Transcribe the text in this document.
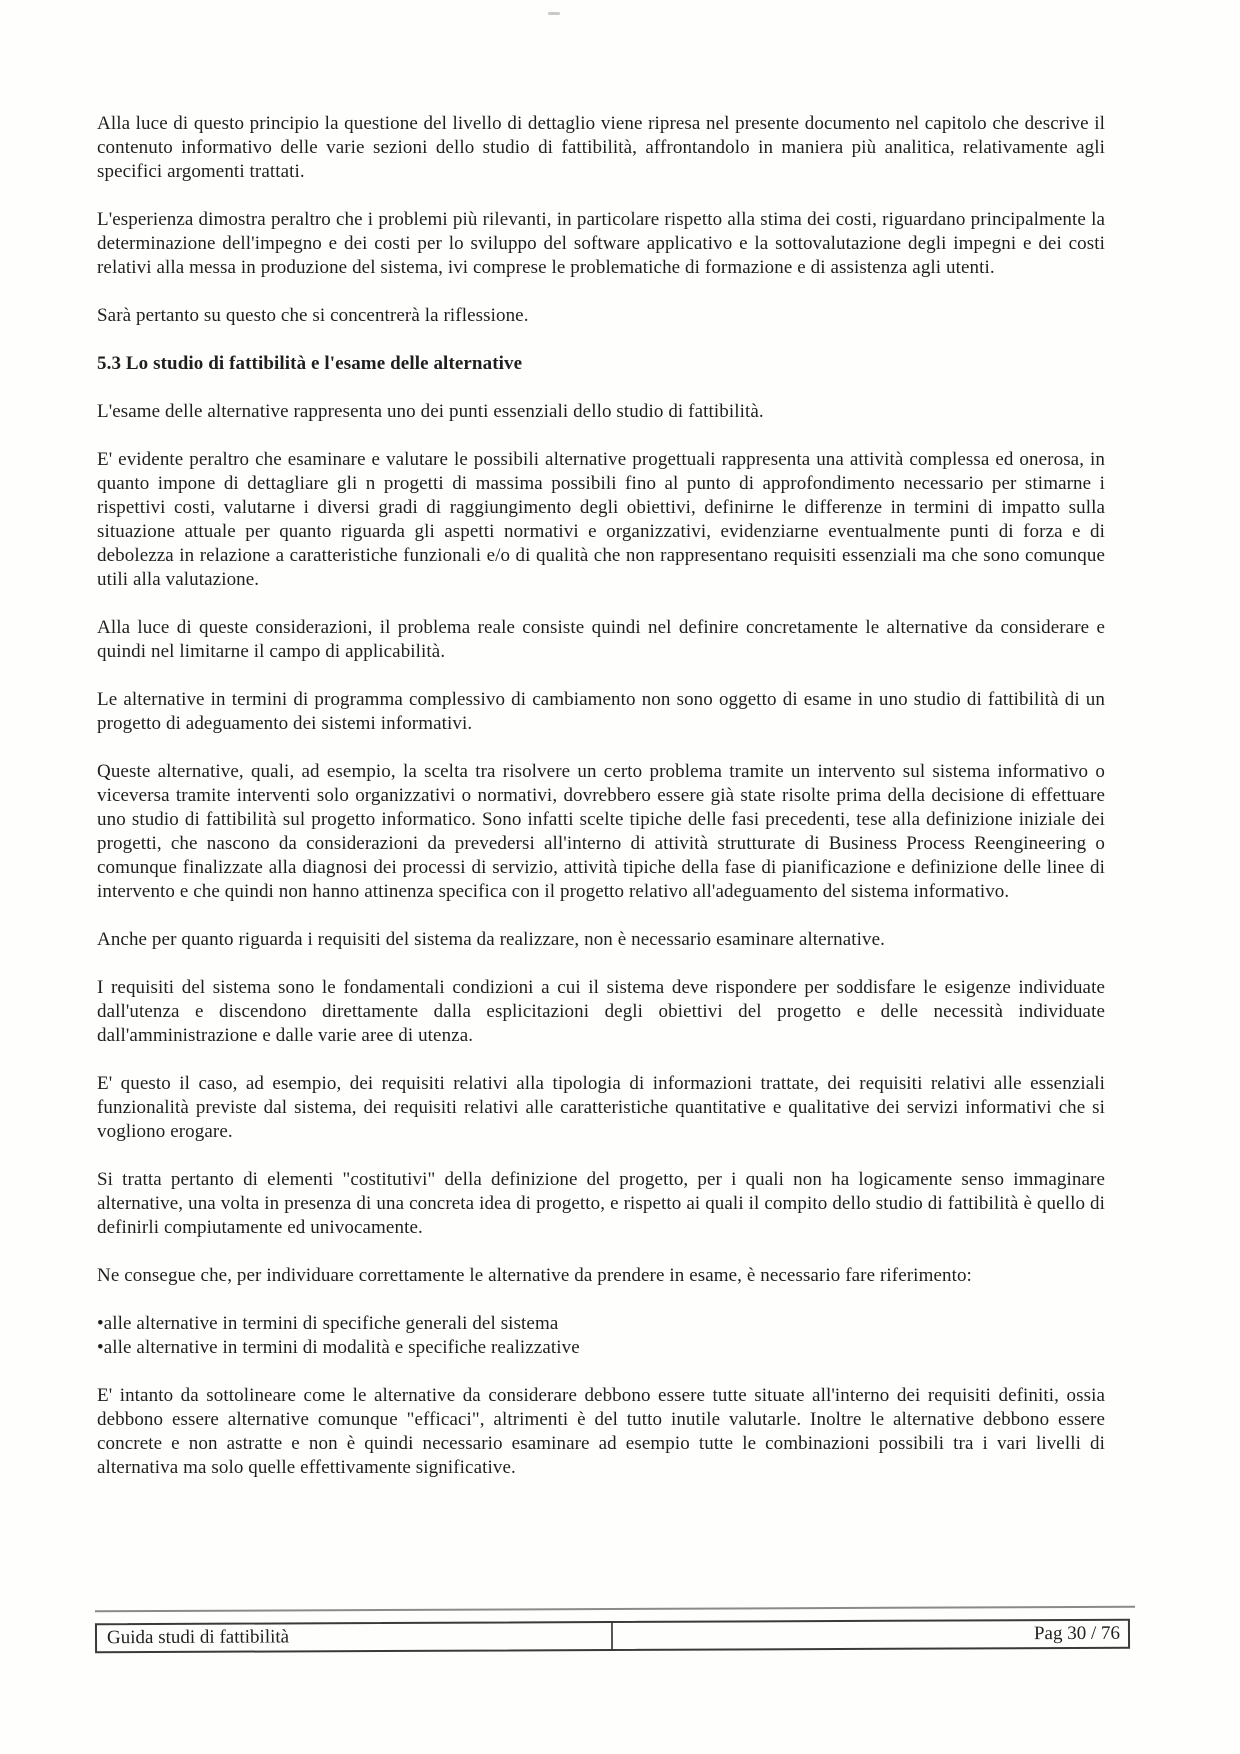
Alla luce di questo principio la questione del livello di dettaglio viene ripresa nel presente documento nel capitolo che descrive il contenuto informativo delle varie sezioni dello studio di fattibilità, affrontandolo in maniera più analitica, relativamente agli specifici argomenti trattati.

L'esperienza dimostra peraltro che i problemi più rilevanti, in particolare rispetto alla stima dei costi, riguardano principalmente la determinazione dell'impegno e dei costi per lo sviluppo del software applicativo e la sottovalutazione degli impegni e dei costi relativi alla messa in produzione del sistema, ivi comprese le problematiche di formazione e di assistenza agli utenti.

Sarà pertanto su questo che si concentrerà la riflessione.

5.3 Lo studio di fattibilità e l'esame delle alternative

L'esame delle alternative rappresenta uno dei punti essenziali dello studio di fattibilità.

E' evidente peraltro che esaminare e valutare le possibili alternative progettuali rappresenta una attività complessa ed onerosa, in quanto impone di dettagliare gli n progetti di massima possibili fino al punto di approfondimento necessario per stimarne i rispettivi costi, valutarne i diversi gradi di raggiungimento degli obiettivi, definirne le differenze in termini di impatto sulla situazione attuale per quanto riguarda gli aspetti normativi e organizzativi, evidenziarne eventualmente punti di forza e di debolezza in relazione a caratteristiche funzionali e/o di qualità che non rappresentano requisiti essenziali ma che sono comunque utili alla valutazione.

Alla luce di queste considerazioni, il problema reale consiste quindi nel definire concretamente le alternative da considerare e quindi nel limitarne il campo di applicabilità.

Le alternative in termini di programma complessivo di cambiamento non sono oggetto di esame in uno studio di fattibilità di un progetto di adeguamento dei sistemi informativi.

Queste alternative, quali, ad esempio, la scelta tra risolvere un certo problema tramite un intervento sul sistema informativo o viceversa tramite interventi solo organizzativi o normativi, dovrebbero essere già state risolte prima della decisione di effettuare uno studio di fattibilità sul progetto informatico. Sono infatti scelte tipiche delle fasi precedenti, tese alla definizione iniziale dei progetti, che nascono da considerazioni da prevedersi all'interno di attività strutturate di Business Process Reengineering o comunque finalizzate alla diagnosi dei processi di servizio, attività tipiche della fase di pianificazione e definizione delle linee di intervento e che quindi non hanno attinenza specifica con il progetto relativo all'adeguamento del sistema informativo.

Anche per quanto riguarda i requisiti del sistema da realizzare, non è necessario esaminare alternative.

I requisiti del sistema sono le fondamentali condizioni a cui il sistema deve rispondere per soddisfare le esigenze individuate dall'utenza e discendono direttamente dalla esplicitazioni degli obiettivi del progetto e delle necessità individuate dall'amministrazione e dalle varie aree di utenza.

E' questo il caso, ad esempio, dei requisiti relativi alla tipologia di informazioni trattate, dei requisiti relativi alle essenziali funzionalità previste dal sistema, dei requisiti relativi alle caratteristiche quantitative e qualitative dei servizi informativi che si vogliono erogare.

Si tratta pertanto di elementi "costitutivi" della definizione del progetto, per i quali non ha logicamente senso immaginare alternative, una volta in presenza di una concreta idea di progetto, e rispetto ai quali il compito dello studio di fattibilità è quello di definirli compiutamente ed univocamente.

Ne consegue che, per individuare correttamente le alternative da prendere in esame, è necessario fare riferimento:

•alle alternative in termini di specifiche generali del sistema

•alle alternative in termini di modalità e specifiche realizzative

E' intanto da sottolineare come le alternative da considerare debbono essere tutte situate all'interno dei requisiti definiti, ossia debbono essere alternative comunque "efficaci", altrimenti è del tutto inutile valutarle. Inoltre le alternative debbono essere concrete e non astratte e non è quindi necessario esaminare ad esempio tutte le combinazioni possibili tra i vari livelli di alternativa ma solo quelle effettivamente significative.

Guida studi di fattibilità	Pag 30 / 76
